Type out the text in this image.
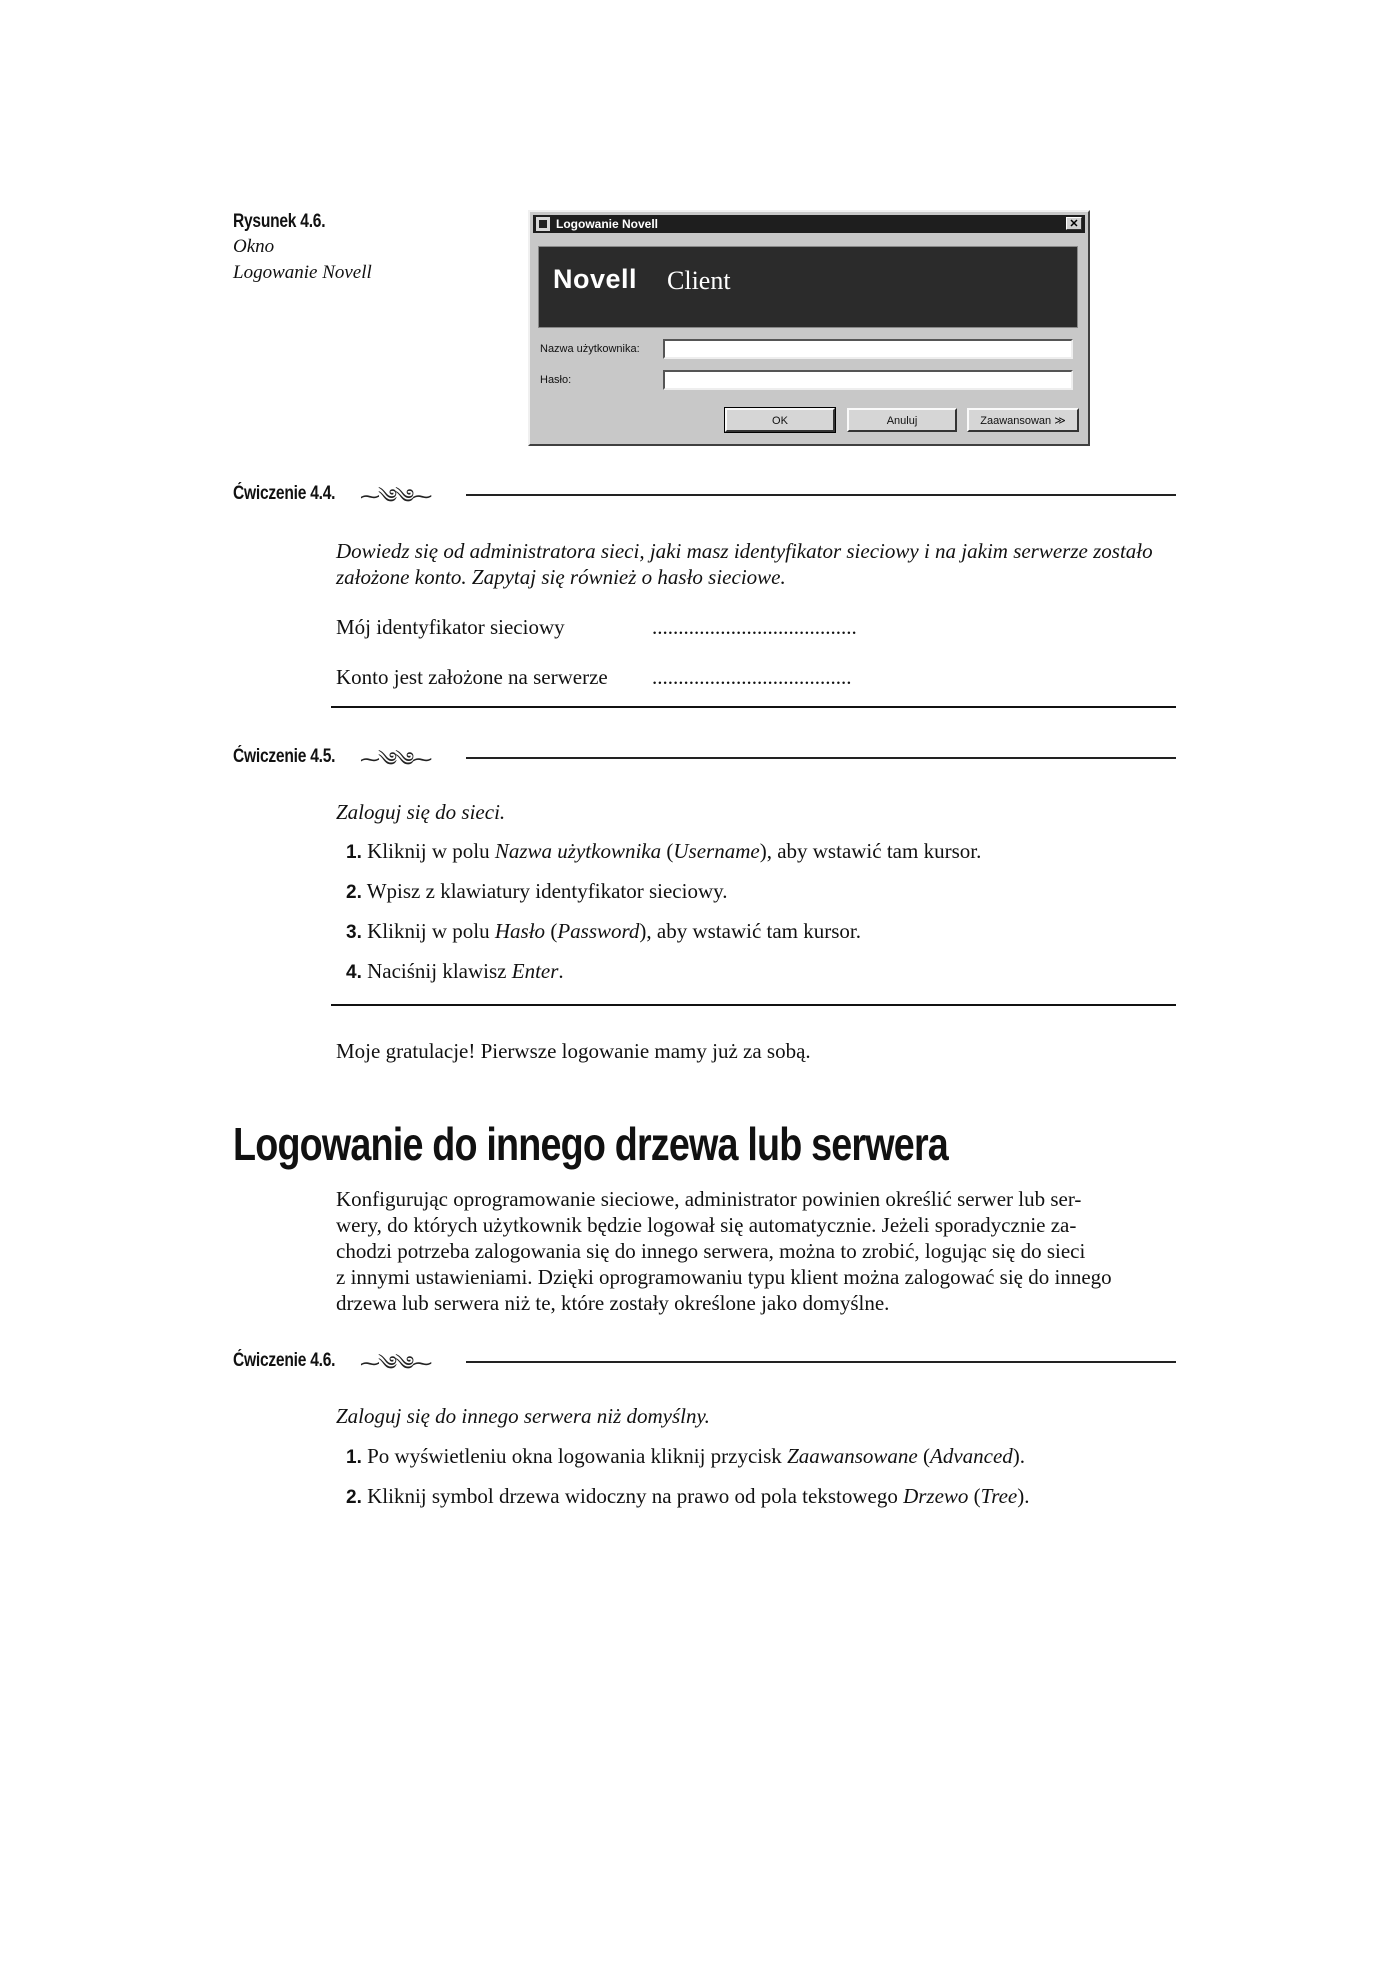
Rysunek 4.6.
Okno
Logowanie Novell
Logowanie Novell	✕
Novell Client
Nazwa użytkownika:
Hasło:
OK	Anuluj	Zaawansowan ≫
Ćwiczenie 4.4. ⁓༄༄⁓
Dowiedz się od administratora sieci, jaki masz identyfikator sieciowy i na jakim serwerze zostało założone konto. Zapytaj się również o hasło sieciowe.
Mój identyfikator sieciowy	.......................................
Konto jest założone na serwerze ......................................
Ćwiczenie 4.5. ⁓༄༄⁓
Zaloguj się do sieci.
1. Kliknij w polu Nazwa użytkownika (Username), aby wstawić tam kursor.
2. Wpisz z klawiatury identyfikator sieciowy.
3. Kliknij w polu Hasło (Password), aby wstawić tam kursor.
4. Naciśnij klawisz Enter.
Moje gratulacje! Pierwsze logowanie mamy już za sobą.
Logowanie do innego drzewa lub serwera
Konfigurując oprogramowanie sieciowe, administrator powinien określić serwer lub ser-
wery, do których użytkownik będzie logował się automatycznie. Jeżeli sporadycznie za-
chodzi potrzeba zalogowania się do innego serwera, można to zrobić, logując się do sieci
z innymi ustawieniami. Dzięki oprogramowaniu typu klient można zalogować się do innego
drzewa lub serwera niż te, które zostały określone jako domyślne.
Ćwiczenie 4.6. ⁓༄༄⁓
Zaloguj się do innego serwera niż domyślny.
1. Po wyświetleniu okna logowania kliknij przycisk Zaawansowane (Advanced).
2. Kliknij symbol drzewa widoczny na prawo od pola tekstowego Drzewo (Tree).
